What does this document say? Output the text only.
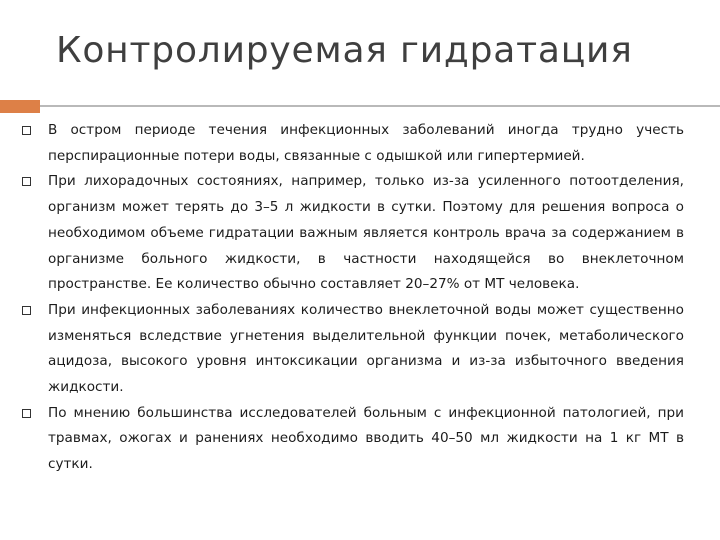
Контролируемая гидратация
В остром периоде течения инфекционных заболеваний иногда трудно учесть перспирационные потери воды, связанные с одышкой или гипертермией.
При лихорадочных состояниях, например, только из-за усиленного потоотделения, организм может терять до 3–5 л жидкости в сутки. Поэтому для решения вопроса о необходимом объеме гидратации важным является контроль врача за содержанием в организме больного жидкости, в частности находящейся во внеклеточном пространстве. Ее количество обычно составляет 20–27% от МТ человека.
При инфекционных заболеваниях количество внеклеточной воды может существенно изменяться вследствие угнетения выделительной функции почек, метаболического ацидоза, высокого уровня интоксикации организма и из-за избыточного введения жидкости.
По мнению большинства исследователей больным с инфекционной патологией, при травмах, ожогах и ранениях необходимо вводить 40–50 мл жидкости на 1 кг МТ в сутки.
